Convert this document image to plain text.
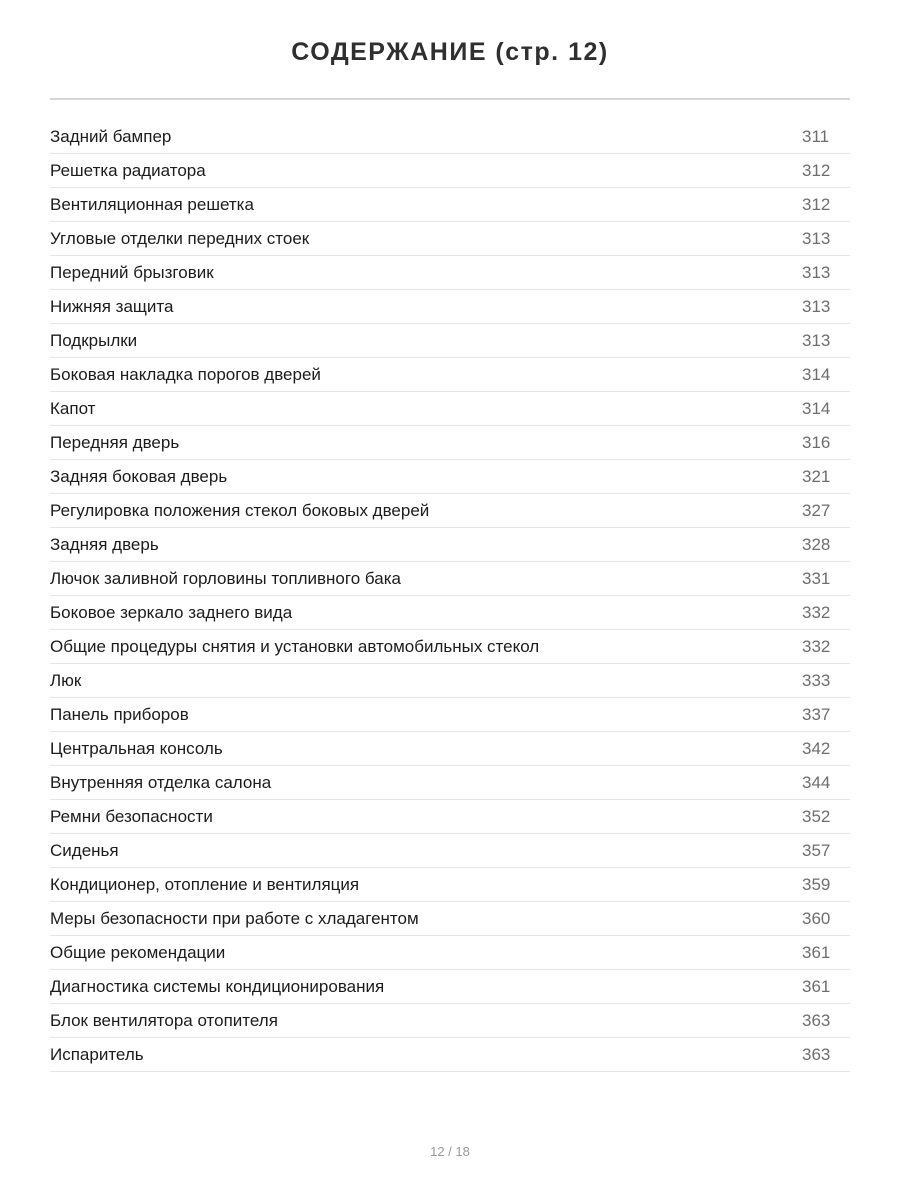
СОДЕРЖАНИЕ (стр. 12)
Задний бампер	311
Решетка радиатора	312
Вентиляционная решетка	312
Угловые отделки передних стоек	313
Передний брызговик	313
Нижняя защита	313
Подкрылки	313
Боковая накладка порогов дверей	314
Капот	314
Передняя дверь	316
Задняя боковая дверь	321
Регулировка положения стекол боковых дверей	327
Задняя дверь	328
Лючок заливной горловины топливного бака	331
Боковое зеркало заднего вида	332
Общие процедуры снятия и установки автомобильных стекол	332
Люк	333
Панель приборов	337
Центральная консоль	342
Внутренняя отделка салона	344
Ремни безопасности	352
Сиденья	357
Кондиционер, отопление и вентиляция	359
Меры безопасности при работе с хладагентом	360
Общие рекомендации	361
Диагностика системы кондиционирования	361
Блок вентилятора отопителя	363
Испаритель	363
12 / 18
